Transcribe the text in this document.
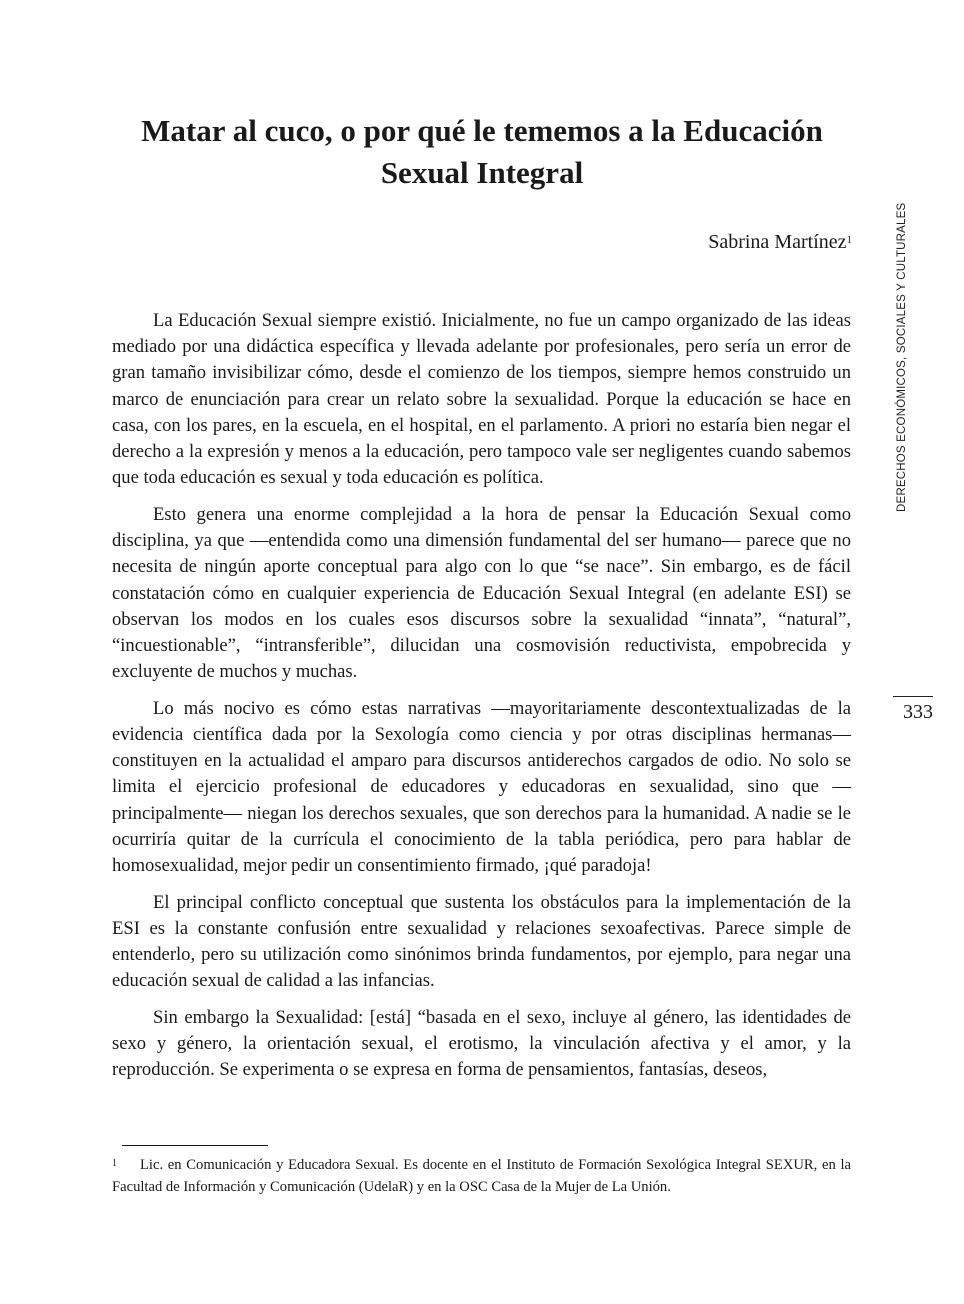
Matar al cuco, o por qué le tememos a la Educación Sexual Integral
Sabrina Martínez$^1$

La Educación Sexual siempre existió. Inicialmente, no fue un campo organizado de las ideas mediado por una didáctica específica y llevada adelante por profesionales, pero sería un error de gran tamaño invisibilizar cómo, desde el comienzo de los tiempos, siempre hemos construido un marco de enunciación para crear un relato sobre la sexualidad. Porque la educación se hace en casa, con los pares, en la escuela, en el hospital, en el parlamento. A priori no estaría bien negar el derecho a la expresión y menos a la educación, pero tampoco vale ser negligentes cuando sabemos que toda educación es sexual y toda educación es política.

Esto genera una enorme complejidad a la hora de pensar la Educación Sexual como disciplina, ya que —entendida como una dimensión fundamental del ser humano— parece que no necesita de ningún aporte conceptual para algo con lo que “se nace”. Sin embargo, es de fácil constatación cómo en cualquier experiencia de Educación Sexual Integral (en adelante ESI) se observan los modos en los cuales esos discursos sobre la sexualidad “innata”, “natural”, “incuestionable”, “intransferible”, dilucidan una cosmovisión reductivista, empobrecida y excluyente de muchos y muchas.

Lo más nocivo es cómo estas narrativas —mayoritariamente descontextualizadas de la evidencia científica dada por la Sexología como ciencia y por otras disciplinas hermanas— constituyen en la actualidad el amparo para discursos antiderechos cargados de odio. No solo se limita el ejercicio profesional de educadores y educadoras en sexualidad, sino que —principalmente— niegan los derechos sexuales, que son derechos para la humanidad. A nadie se le ocurriría quitar de la currícula el conocimiento de la tabla periódica, pero para hablar de homosexualidad, mejor pedir un consentimiento firmado, ¡qué paradoja!

El principal conflicto conceptual que sustenta los obstáculos para la implementación de la ESI es la constante confusión entre sexualidad y relaciones sexoafectivas. Parece simple de entenderlo, pero su utilización como sinónimos brinda fundamentos, por ejemplo, para negar una educación sexual de calidad a las infancias.

Sin embargo la Sexualidad: [está] “basada en el sexo, incluye al género, las identidades de sexo y género, la orientación sexual, el erotismo, la vinculación afectiva y el amor, y la reproducción. Se experimenta o se expresa en forma de pensamientos, fantasías, deseos,

1 Lic. en Comunicación y Educadora Sexual. Es docente en el Instituto de Formación Sexológica Integral SEXUR, en la Facultad de Información y Comunicación (UdelaR) y en la OSC Casa de la Mujer de La Unión.
DERECHOS ECONÓMICOS, SOCIALES Y CULTURALES
333
